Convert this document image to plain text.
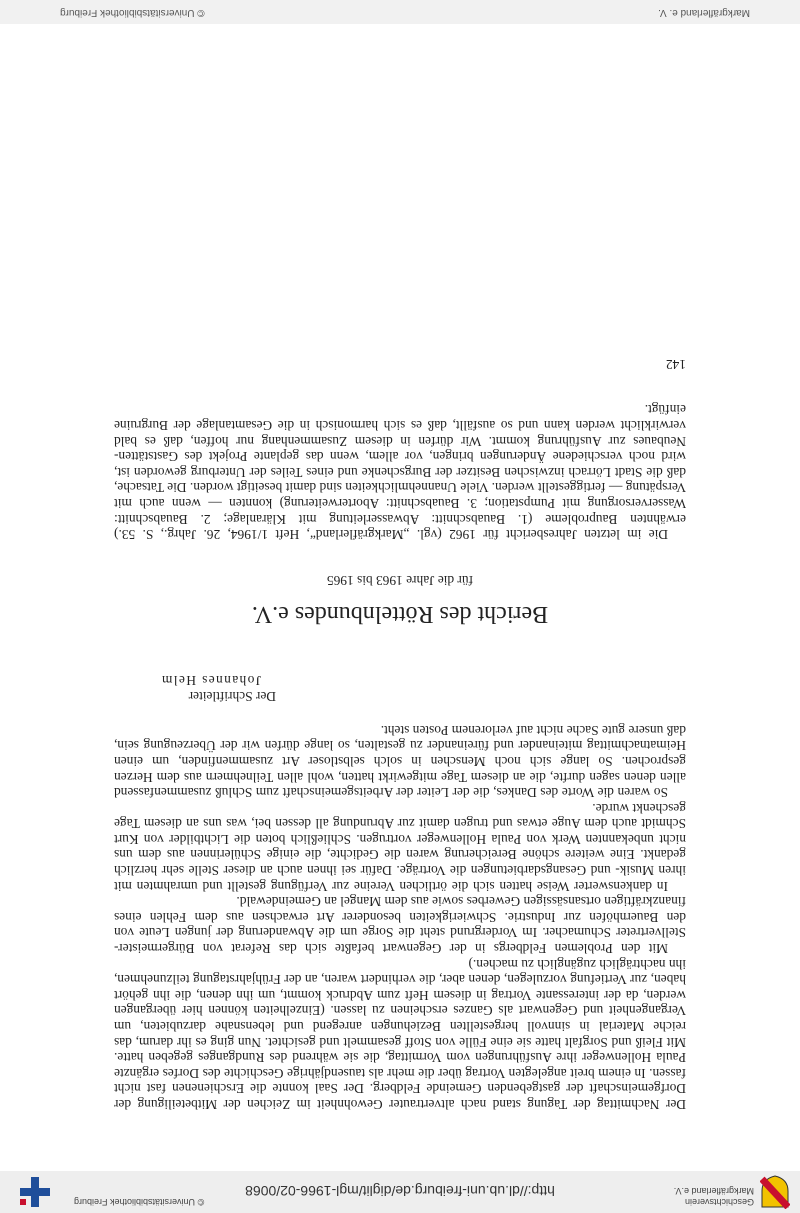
Geschichtsverein
Markgräflerland e.V.
http://dl.ub.uni-freiburg.de/diglit/mgl-1966-02/0068
© Universitätsbibliothek Freiburg

Der Nachmittag der Tagung stand nach altvertrauter Gewohnheit im Zeichen der Mitbeteiligung der Dorfgemeinschaft der gastgebenden Gemeinde Feldberg. Der Saal konnte die Erschienenen fast nicht fassen. In einem breit angelegten Vortrag über die mehr als tausendjährige Geschichte des Dorfes ergänzte Paula Hollenweger ihre Ausführungen vom Vormittag, die sie während des Rundganges gegeben hatte. Mit Fleiß und Sorgfalt hatte sie eine Fülle von Stoff gesammelt und gesichtet. Nun ging es ihr darum, das reiche Material in sinnvoll hergestellten Beziehungen anregend und lebensnahe darzubieten, um Vergangenheit und Gegenwart als Ganzes erscheinen zu lassen. (Einzelheiten können hier übergangen werden, da der interessante Vortrag in diesem Heft zum Abdruck kommt, um ihn denen, die ihn gehört haben, zur Vertiefung vorzulegen, denen aber, die verhindert waren, an der Frühjahrstagung teilzunehmen, ihn nachträglich zugänglich zu machen.)

Mit den Problemen Feldbergs in der Gegenwart befaßte sich das Referat von Bürgermeister-Stellvertreter Schumacher. Im Vordergrund steht die Sorge um die Abwanderung der jungen Leute von den Bauernhöfen zur Industrie. Schwierigkeiten besonderer Art erwachsen aus dem Fehlen eines finanzkräftigen ortsansässigen Gewerbes sowie aus dem Mangel an Gemeindewald.

In dankenswerter Weise hatten sich die örtlichen Vereine zur Verfügung gestellt und umrahmten mit ihren Musik- und Gesangsdarbietungen die Vorträge. Dafür sei ihnen auch an dieser Stelle sehr herzlich gedankt. Eine weitere schöne Bereicherung waren die Gedichte, die einige Schülerinnen aus dem uns nicht unbekannten Werk von Paula Hollenweger vortrugen. Schließlich boten die Lichtbilder von Kurt Schmidt auch dem Auge etwas und trugen damit zur Abrundung all dessen bei, was uns an diesem Tage geschenkt wurde.

So waren die Worte des Dankes, die der Leiter der Arbeitsgemeinschaft zum Schluß zusammenfassend allen denen sagen durfte, die an diesem Tage mitgewirkt hatten, wohl allen Teilnehmern aus dem Herzen gesprochen. So lange sich noch Menschen in solch selbstloser Art zusammenfinden, um einen Heimatnachmittag miteinander und füreinander zu gestalten, so lange dürfen wir der Überzeugung sein, daß unsere gute Sache nicht auf verlorenem Posten steht.

Der Schriftleiter
Johannes Helm
Bericht des Röttelnbundes e.V.
für die Jahre 1963 bis 1965

Die im letzten Jahresbericht für 1962 (vgl. „Markgräflerland“, Heft 1/1964, 26. Jahrg., S. 53.) erwähnten Bauprobleme (1. Bauabschnitt: Abwasserleitung mit Kläranlage; 2. Bauabschnitt: Wasserversorgung mit Pumpstation; 3. Bauabschnitt: Aborterweiterung) konnten — wenn auch mit Verspätung — fertiggestellt werden. Viele Unannehmlichkeiten sind damit beseitigt worden. Die Tatsache, daß die Stadt Lörrach inzwischen Besitzer der Burgschenke und eines Teiles der Unterburg geworden ist, wird noch verschiedene Änderungen bringen, vor allem, wenn das geplante Projekt des Gaststätten-Neubaues zur Ausführung kommt. Wir dürfen in diesem Zusammenhang nur hoffen, daß es bald verwirklicht werden kann und so ausfällt, daß es sich harmonisch in die Gesamtanlage der Burgruine einfügt.

142
Markgräflerland e. V.
© Universitätsbibliothek Freiburg
